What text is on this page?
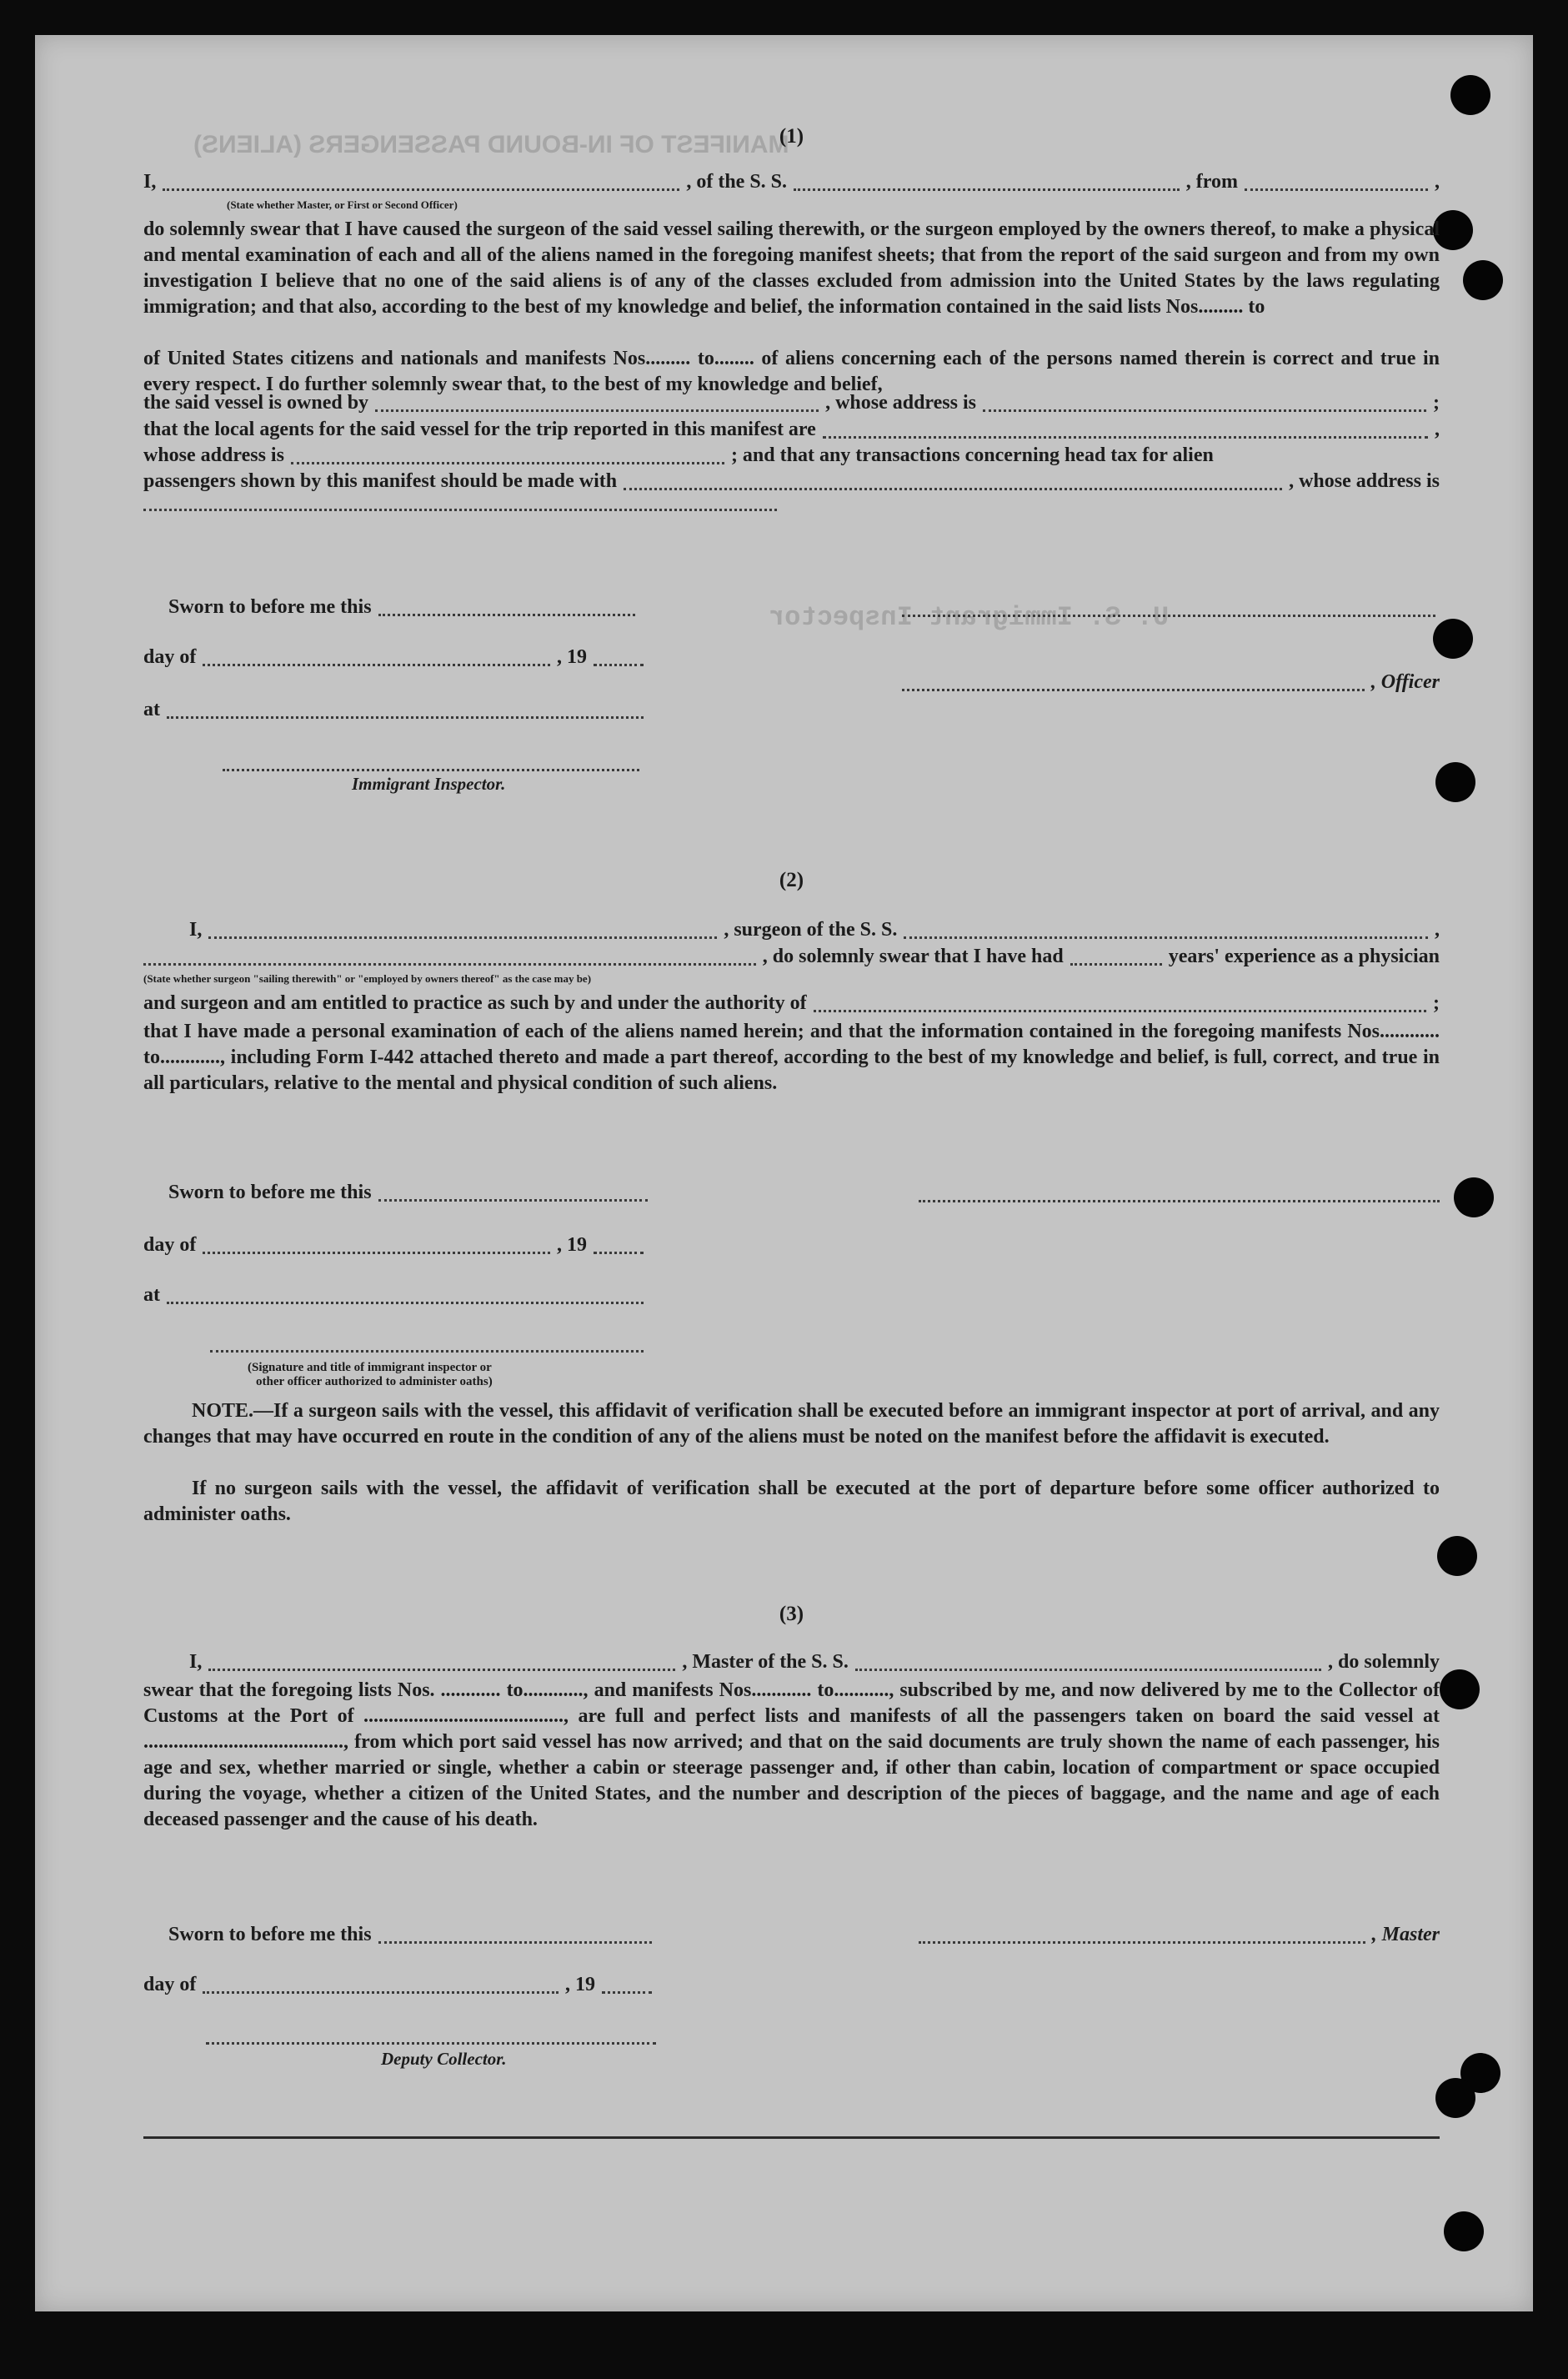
MANIFEST OF IN-BOUND PASSENGERS (ALIENS)
U. S. Immigrant Inspector
(1)
I,	, of the S. S.	, from	,
(State whether Master, or First or Second Officer)
do solemnly swear that I have caused the surgeon of the said vessel sailing therewith, or the surgeon employed by the owners thereof, to make a physical and mental examination of each and all of the aliens named in the foregoing manifest sheets; that from the report of the said surgeon and from my own investigation I believe that no one of the said aliens is of any of the classes excluded from admission into the United States by the laws regulating immigration; and that also, according to the best of my knowledge and belief, the information contained in the said lists Nos......... to
of United States citizens and nationals and manifests Nos......... to........ of aliens concerning each of the persons named therein is correct and true in every respect. I do further solemnly swear that, to the best of my knowledge and belief,
the said vessel is owned by	, whose address is	;
that the local agents for the said vessel for the trip reported in this manifest are	,
whose address is	; and that any transactions concerning head tax for alien
passengers shown by this manifest should be made with	, whose address is
Sworn to before me this
day of	, 19
, Officer
at
Immigrant Inspector.
(2)
I,	, surgeon of the S. S.	,
, do solemnly swear that I have had	years' experience as a physician
(State whether surgeon "sailing therewith" or "employed by owners thereof" as the case may be)
and surgeon and am entitled to practice as such by and under the authority of	;
that I have made a personal examination of each of the aliens named herein; and that the information contained in the foregoing manifests Nos............ to............, including Form I-442 attached thereto and made a part thereof, according to the best of my knowledge and belief, is full, correct, and true in all particulars, relative to the mental and physical condition of such aliens.
Sworn to before me this
day of	, 19
at
(Signature and title of immigrant inspector or
other officer authorized to administer oaths)
NOTE.—If a surgeon sails with the vessel, this affidavit of verification shall be executed before an immigrant inspector at port of arrival, and any changes that may have occurred en route in the condition of any of the aliens must be noted on the manifest before the affidavit is executed.
If no surgeon sails with the vessel, the affidavit of verification shall be executed at the port of departure before some officer authorized to administer oaths.
(3)
I,	, Master of the S. S.	, do solemnly
swear that the foregoing lists Nos. ............ to............, and manifests Nos............ to..........., subscribed by me, and now delivered by me to the Collector of Customs at the Port of ........................................, are full and perfect lists and manifests of all the passengers taken on board the said vessel at ........................................, from which port said vessel has now arrived; and that on the said documents are truly shown the name of each passenger, his age and sex, whether married or single, whether a cabin or steerage passenger and, if other than cabin, location of compartment or space occupied during the voyage, whether a citizen of the United States, and the number and description of the pieces of baggage, and the name and age of each deceased passenger and the cause of his death.
Sworn to before me this	, Master
day of	, 19
Deputy Collector.
